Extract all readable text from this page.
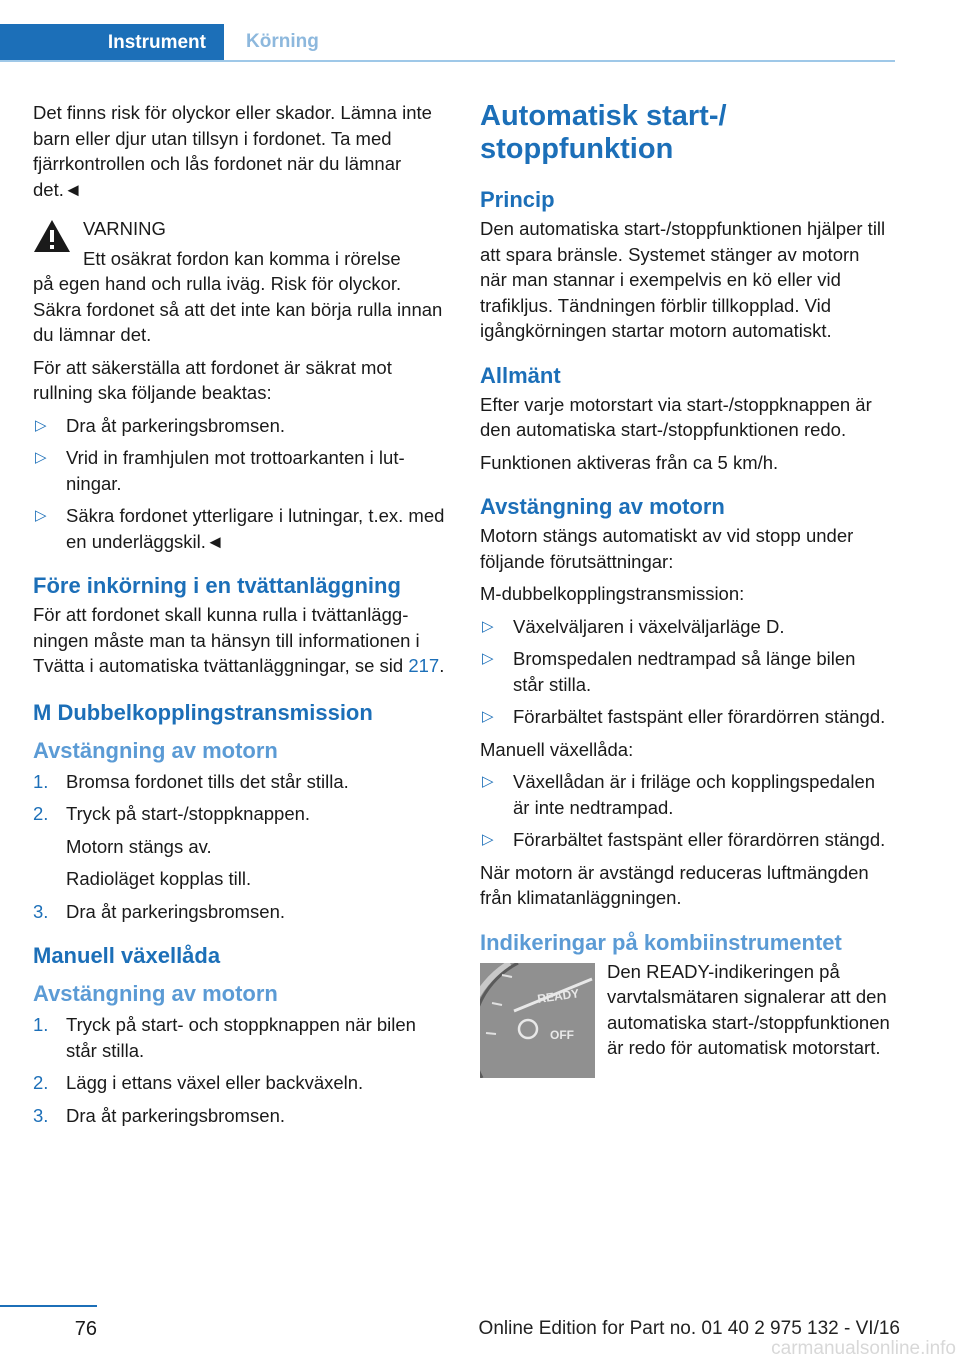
Instrument	Körning

Det finns risk för olyckor eller skador. Lämna inte barn eller djur utan tillsyn i fordonet. Ta med fjärrkontrollen och lås fordonet när du lämnar det.◄

VARNING
Ett osäkrat fordon kan komma i rörelse
på egen hand och rulla iväg. Risk för olyckor. Säkra fordonet så att det inte kan börja rulla innan du lämnar det.

För att säkerställa att fordonet är säkrat mot rullning ska följande beaktas:

▷ Dra åt parkeringsbromsen.
▷ Vrid in framhjulen mot trottoarkanten i lutningar.
▷ Säkra fordonet ytterligare i lutningar, t.ex. med en underläggskil.◄
Före inkörning i en tvättanläggning

För att fordonet skall kunna rulla i tvättanläggningen måste man ta hänsyn till informationen i Tvätta i automatiska tvättanläggningar, se sid 217.

M Dubbelkopplingstransmission
Avstängning av motorn
1. Bromsa fordonet tills det står stilla.
2. Tryck på start-/stoppknappen.
Motorn stängs av.
Radioläget kopplas till.
3. Dra åt parkeringsbromsen.
Manuell växellåda
Avstängning av motorn
1. Tryck på start- och stoppknappen när bilen står stilla.
2. Lägg i ettans växel eller backväxeln.
3. Dra åt parkeringsbromsen.
Automatisk start-/ stoppfunktion
Princip

Den automatiska start-/stoppfunktionen hjälper till att spara bränsle. Systemet stänger av motorn när man stannar i exempelvis en kö eller vid trafikljus. Tändningen förblir tillkopplad. Vid igångkörningen startar motorn automatiskt.

Allmänt

Efter varje motorstart via start-/stoppknappen är den automatiska start-/stoppfunktionen redo.

Funktionen aktiveras från ca 5 km/h.

Avstängning av motorn

Motorn stängs automatiskt av vid stopp under följande förutsättningar:

M-dubbelkopplingstransmission:

▷ Växelväljaren i växelväljarläge D.
▷ Bromspedalen nedtrampad så länge bilen står stilla.
▷ Förarbältet fastspänt eller förardörren stängd.

Manuell växellåda:

▷ Växellådan är i friläge och kopplingspedalen är inte nedtrampad.
▷ Förarbältet fastspänt eller förardörren stängd.

När motorn är avstängd reduceras luftmängden från klimatanläggningen.

Indikeringar på kombiinstrumentet
READY
OFF
Den READY-indikeringen på varvtalsmätaren signalerar att den automatiska start-/stoppfunktionen är redo för automatisk motorstart.
76	Online Edition for Part no. 01 40 2 975 132 - VI/16
carmanualsonline.info
